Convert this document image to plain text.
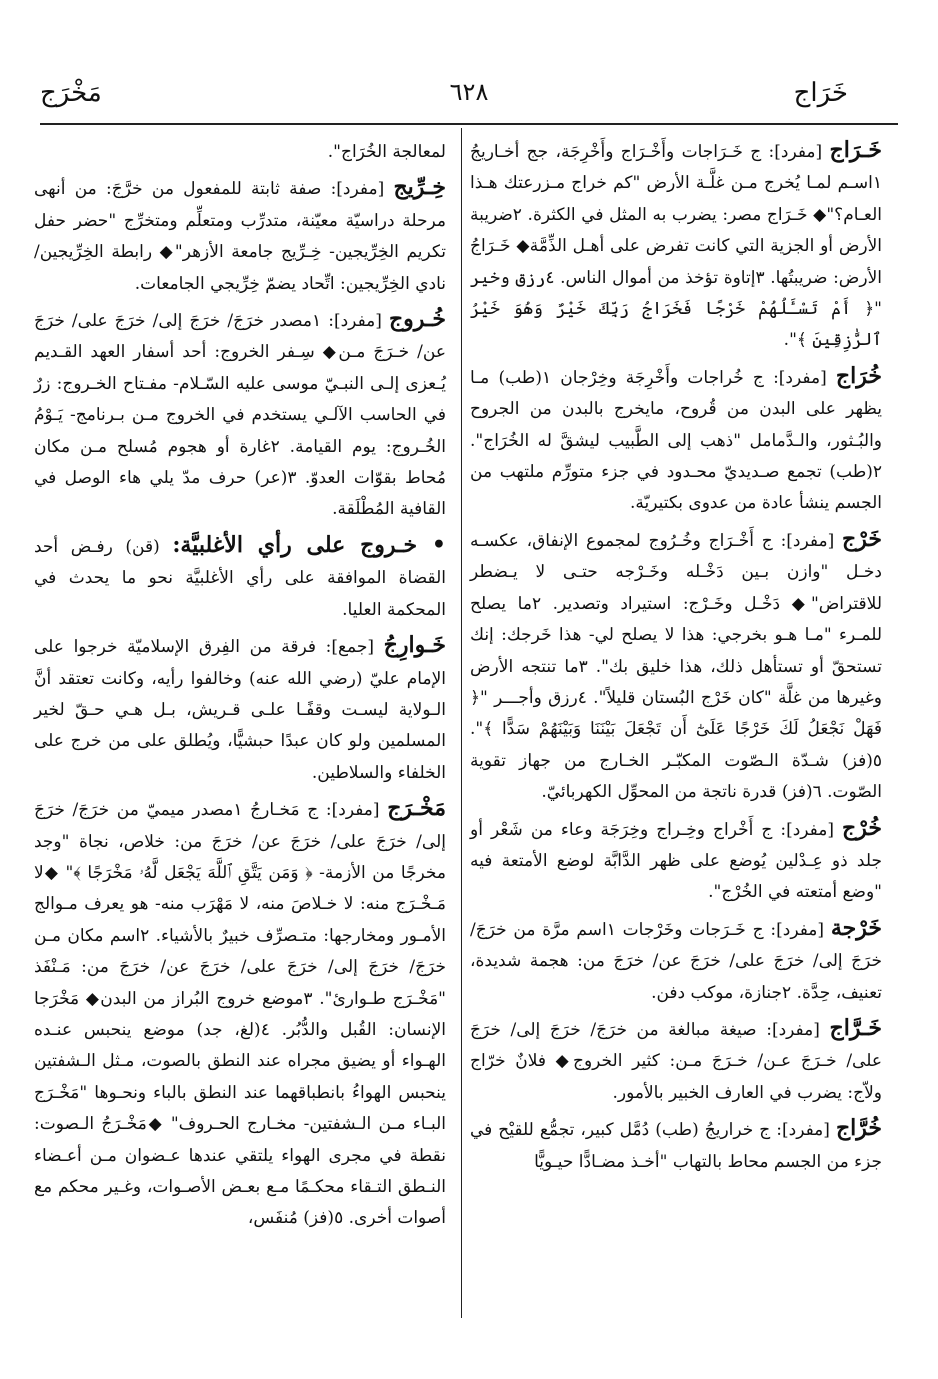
خَرَاج
٦٢٨
مَخْرَج

خَـرَاج [مفرد]: ج خَـرَاجات وأَخْـرَاج وأَخْرِجَة، جج أخـاريجُ ١اسـم لمـا يُخرج مـن غلَّـة الأرض "كم خراج مـزرعتك هـذا العـام؟"◆ خَـرَاج مصر: يضرب به المثل في الكثرة. ٢ضريبة الأرض أو الجزية التي كانت تفرض على أهـل الذِّمَّة◆ خَـرَاجُ الأرض: ضريبتُها. ٣إتاوة تؤخذ من أموال الناس. ٤رزق وخير "﴿ أَمْ تَسْـَٔلُهُمْ خَرْجًا فَخَرَاجُ رَبِّكَ خَيْرٌ وَهُوَ خَيْرُ ٱلرَّٰزِقِينَ ﴾".

خُرَاج [مفرد]: ج خُراجات وأَخْرِجَة وخِرْجان ١(طب) مـا يظهر على البدن من قُروح، مايخرج بالبدن من الجروح والبُـثور، والـدَّمامل "ذهب إلى الطَّبيب ليشقَّ له الخُرَاج". ٢(طب) تجمع صـديديّ محـدود في جزء متورِّم ملتهب من الجسم ينشأ عادة من عدوى بكتيريّة.

خَرْج [مفرد]: ج أَخْـرَاج وخُـرُوج لمجموع الإنفاق، عكسـه دخـل "وازن بـين دَخْـله وخَـرْجه حتـى لا يـضطر للاقتراض"◆ دَخْـل وخَـرْج: استيراد وتصدير. ٢ما يصلح للمـرء "مـا هـو بخرجي: هذا لا يصلح لي- هذا خَرجك: إنك تستحقّ أو تستأهل ذلك، هذا خليق بك". ٣ما تنتجه الأرض وغيرها من غلَّة "كان خَرْج البُستان قليلاً". ٤رزق وأجـــر "﴿ فَهَلْ نَجْعَلُ لَكَ خَرْجًا عَلَىٰٓ أَن تَجْعَلَ بَيْنَنَا وَبَيْنَهُمْ سَدًّا ﴾". ٥(فز) شـدّة الـصّوت المكبّـر الخـارج من جهاز تقوية الصّوت. ٦(فز) قدرة ناتجة من المحوِّل الكهربائيّ.

خُرْج [مفرد]: ج أَخْراج وخِـراج وخِرَجَة وعاء من شَعْر أو جلد ذو عِـدْلين يُوضع على ظهر الدَّابَّة لوضع الأمتعة فيه "وضع أمتعته في الخُرْج".

خَرْجة [مفرد]: ج خَـرَجات وخَرْجات ١اسم مرَّة من خرَجَ/ خرَجَ إلى/ خرَجَ على/ خرَجَ عن/ خرَجَ من: هجمة شديدة، تعنيف، حِدَّة. ٢جنازة، موكب دفن.

خَـرَّاج [مفرد]: صيغة مبالغة من خرَجَ/ خرَجَ إلى/ خرَجَ على/ خـرَجَ عـن/ خـرَجَ مـن: كثير الخروج◆ فلانٌ خرّاج ولاّج: يضرب في العارف الخبير بالأمور.

خُرَّاج [مفرد]: ج خراريجُ (طب) دُمَّل كبير، تجمُّع للقيْح في جزء من الجسم محاط بالتهاب "أخـذ مضـادًّا حيـويًّا

لمعالجة الخُرَاج".

خِـرِّيج [مفرد]: صفة ثابتة للمفعول من خرَّجَ: من أنهى مرحلة دراسيّة معيّنة، متدرِّب ومتعلِّم ومتخرِّج "حضر حفل تكريم الخِرِّيجين- خِـرِّيج جامعة الأزهر"◆ رابطة الخِرِّيجين/ نادي الخِرِّيجين: اتِّحاد يضمّ خِرِّيجي الجامعات.

خُـروج [مفرد]: ١مصدر خرَجَ/ خرَجَ إلى/ خرَجَ على/ خرَجَ عن/ خـرَجَ مـن◆ سِـفر الخروج: أحد أسفار العهد القـديم يُـعزى إلـى النبـيّ موسى عليه السّـلام- مفـتاح الخـروج: زرٌ في الحاسب الآلـي يستخدم في الخروج مـن بـرنامج- يَـوْمُ الخُـروج: يوم القيامة. ٢غارة أو هجوم مُسلح مـن مكان مُحاط بقوّات العدوّ. ٣(عر) حرف مدّ يلي هاء الوصل في القافية المُطْلَقة.

• خـروج على رأي الأغلبيَّة: (قن) رفـض أحد القضاة الموافقة على رأي الأغلبيَّة نحو ما يحدث في المحكمة العليا.

خَـوارِجُ [جمع]: فرقة من الفِرق الإسلاميّة خرجوا على الإمام عليّ (رضي الله عنه) وخالفوا رأيه، وكانت تعتقد أنَّ الـولاية ليسـت وقفًـا علـى قـريش، بـل هـي حـقّ لخير المسلمين ولو كان عبدًا حبشيًّا، ويُطلق على من خرج على الخلفاء والسلاطين.

مَخْـرَج [مفرد]: ج مَخـارجُ ١مصدر ميميّ من خرَجَ/ خرَجَ إلى/ خرَجَ على/ خرَجَ عن/ خرَجَ من: خلاص، نجاة "وجد مخرجًا من الأزمة- ﴿ وَمَن يَتَّقِ ٱللَّهَ يَجْعَل لَّهُۥ مَخْرَجًا ﴾" ◆لا مَـخْـرَج منه: لا خـلاصَ منه، لا مَهْرَب منه- هو يعرف مـوالج الأمـور ومخارجها: متـصرِّف خبيرٌ بالأشياء. ٢اسم مكان مـن خرَجَ/ خرَجَ إلى/ خرَجَ على/ خرَجَ عن/ خرَجَ من: مَـنْفَذ "مَخْـرَج طـوارئ". ٣موضع خروج البُراز من البدن◆ مَخْرَجا الإنسان: القُبل والدُّبُر. ٤(لغ، جد) موضع ينحبس عنـده الهـواء أو يضيق مجراه عند النطق بالصوت، مـثل الـشفتين ينحبس الهواءُ بانطباقهما عند النطق بالباء ونحـوها "مَخْـرَج البـاء مـن الـشفتين- مخـارج الحـروف" ◆مَخْـرَجُ الـصوت: نقطة في مجرى الهواء يلتقي عندها عـضوان مـن أعـضاء النـطق التـقاء محكـمًا مـع بعـض الأصـوات، وغـير محكم مع أصوات أخرى. ٥(فز) مُنفَس،
